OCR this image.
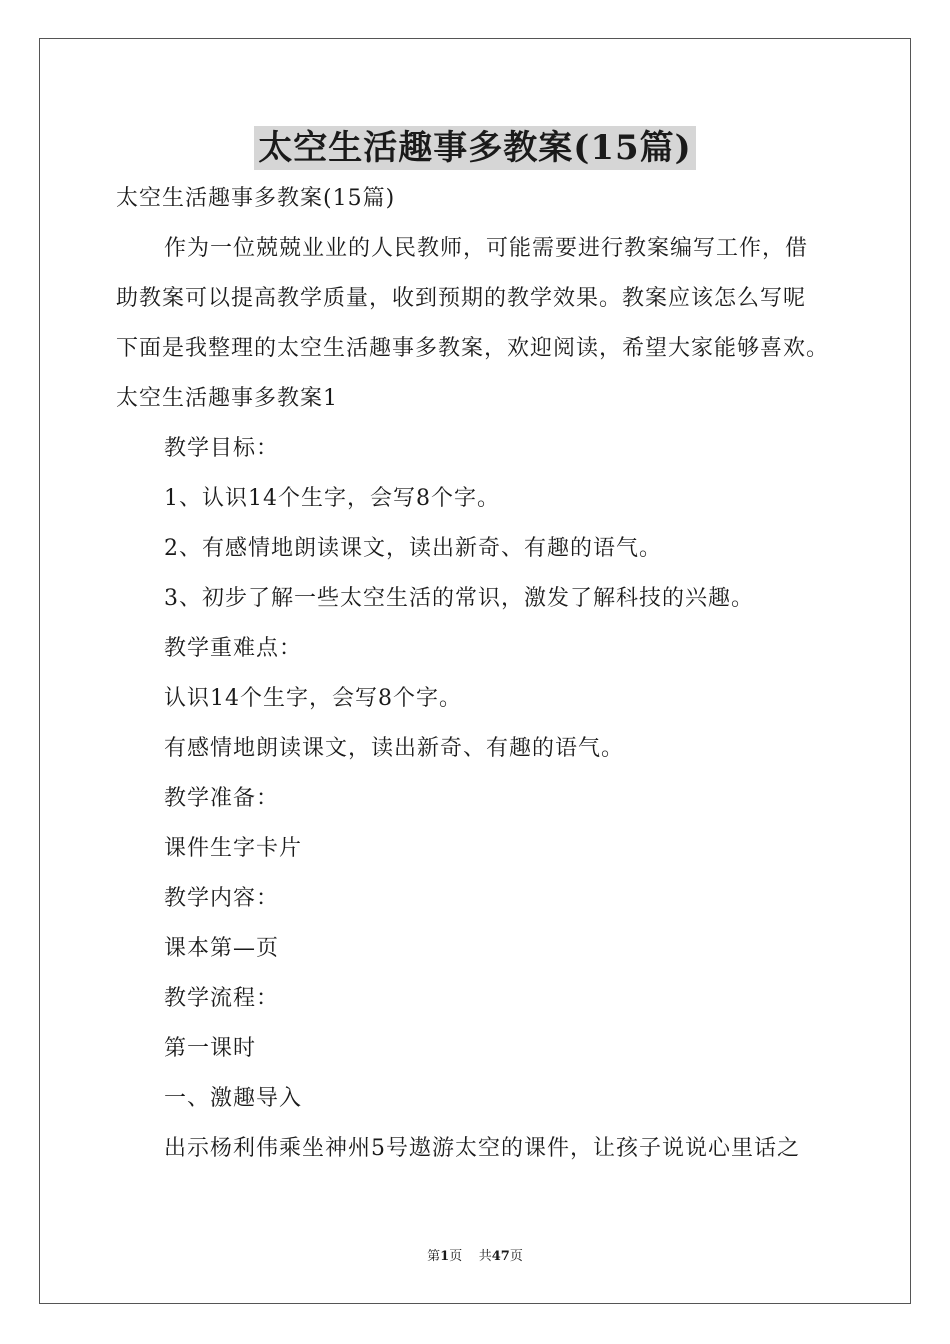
太空生活趣事多教案(15篇)
太空生活趣事多教案(15篇)
作为一位兢兢业业的人民教师，可能需要进行教案编写工作，借
助教案可以提高教学质量，收到预期的教学效果。教案应该怎么写呢
下面是我整理的太空生活趣事多教案，欢迎阅读，希望大家能够喜欢。
太空生活趣事多教案1
教学目标：
1、认识14个生字，会写8个字。
2、有感情地朗读课文，读出新奇、有趣的语气。
3、初步了解一些太空生活的常识，激发了解科技的兴趣。
教学重难点：
认识14个生字，会写8个字。
有感情地朗读课文，读出新奇、有趣的语气。
教学准备：
课件生字卡片
教学内容：
课本第—页
教学流程：
第一课时
一、激趣导入
出示杨利伟乘坐神州5号遨游太空的课件，让孩子说说心里话之
第1页 共47页
